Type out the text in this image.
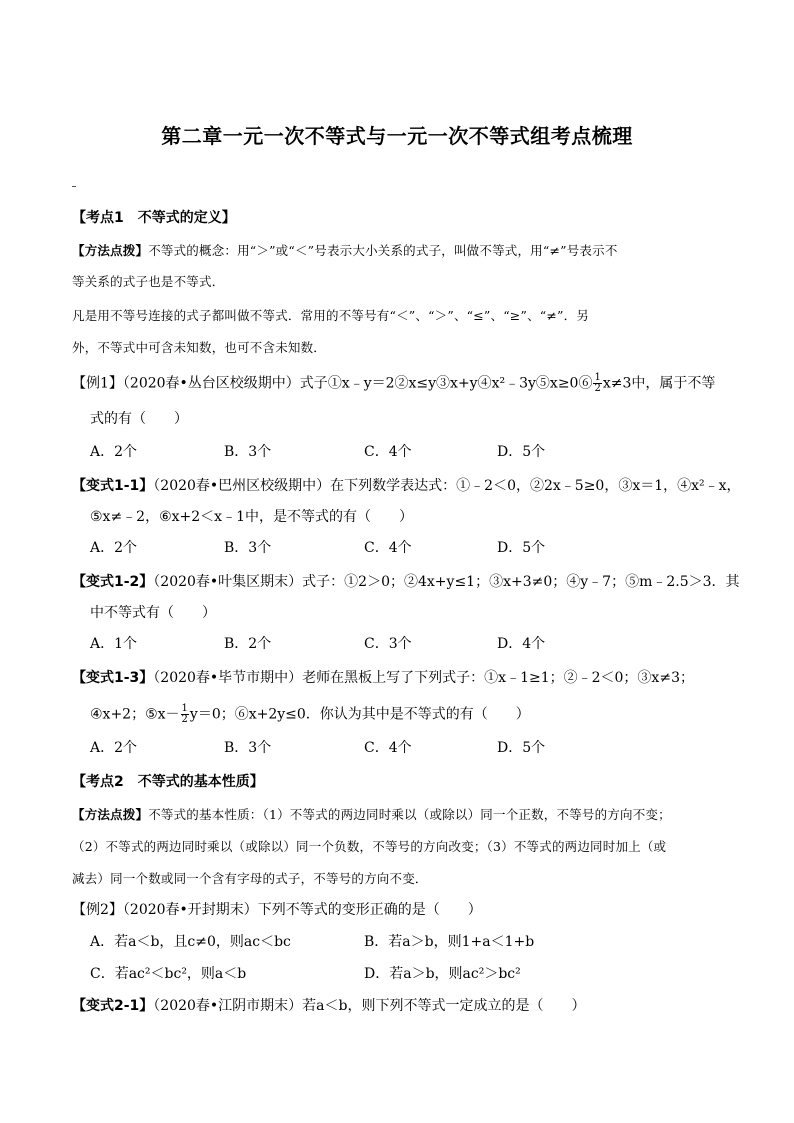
第二章一元一次不等式与一元一次不等式组考点梳理
【考点1　不等式的定义】
【方法点拨】不等式的概念：用“＞”或“＜”号表示大小关系的式子，叫做不等式，用“≠”号表示不
等关系的式子也是不等式．
凡是用不等号连接的式子都叫做不等式．常用的不等号有“＜”、“＞”、“≤”、“≥”、“≠”．另
外，不等式中可含未知数，也可不含未知数．
【例1】（2020春•丛台区校级期中）式子①x﹣y＝2②x≤y③x+y④x²﹣3y⑤x≥0⑥ $\frac{1}{2} x\ne 3$中，属于不等
式的有（　　）
A．2个	B．3个	C．4个	D．5个
【变式1-1】（2020春•巴州区校级期中）在下列数学表达式：①﹣2＜0，②2x﹣5≥0，③x＝1，④x²﹣x，
⑤x≠﹣2，⑥x+2＜x﹣1中，是不等式的有（　　）
A．2个	B．3个	C．4个	D．5个
【变式1-2】（2020春•叶集区期末）式子：①2＞0；②4x+y≤1；③x+3≠0；④y﹣7；⑤m﹣2.5＞3．其
中不等式有（　　）
A．1个	B．2个	C．3个	D．4个
【变式1-3】（2020春•毕节市期中）老师在黑板上写了下列式子：①x﹣1≥1；②﹣2＜0；③x≠3；
④x+2；⑤x－ $\frac{1}{2} y=0$；⑥x+2y≤0．你认为其中是不等式的有（　　）
A．2个	B．3个	C．4个	D．5个
【考点2　不等式的基本性质】
【方法点拨】不等式的基本性质：（1）不等式的两边同时乘以（或除以）同一个正数，不等号的方向不变；
（2）不等式的两边同时乘以（或除以）同一个负数，不等号的方向改变；（3）不等式的两边同时加上（或
减去）同一个数或同一个含有字母的式子，不等号的方向不变．
【例2】（2020春•开封期末）下列不等式的变形正确的是（　　）
A．若a＜b，且c≠0，则ac＜bc	B．若a＞b，则1+a＜1+b
C．若ac²＜bc²，则a＜b	D．若a＞b，则ac²＞bc²
【变式2-1】（2020春•江阴市期末）若a＜b，则下列不等式一定成立的是（　　）
